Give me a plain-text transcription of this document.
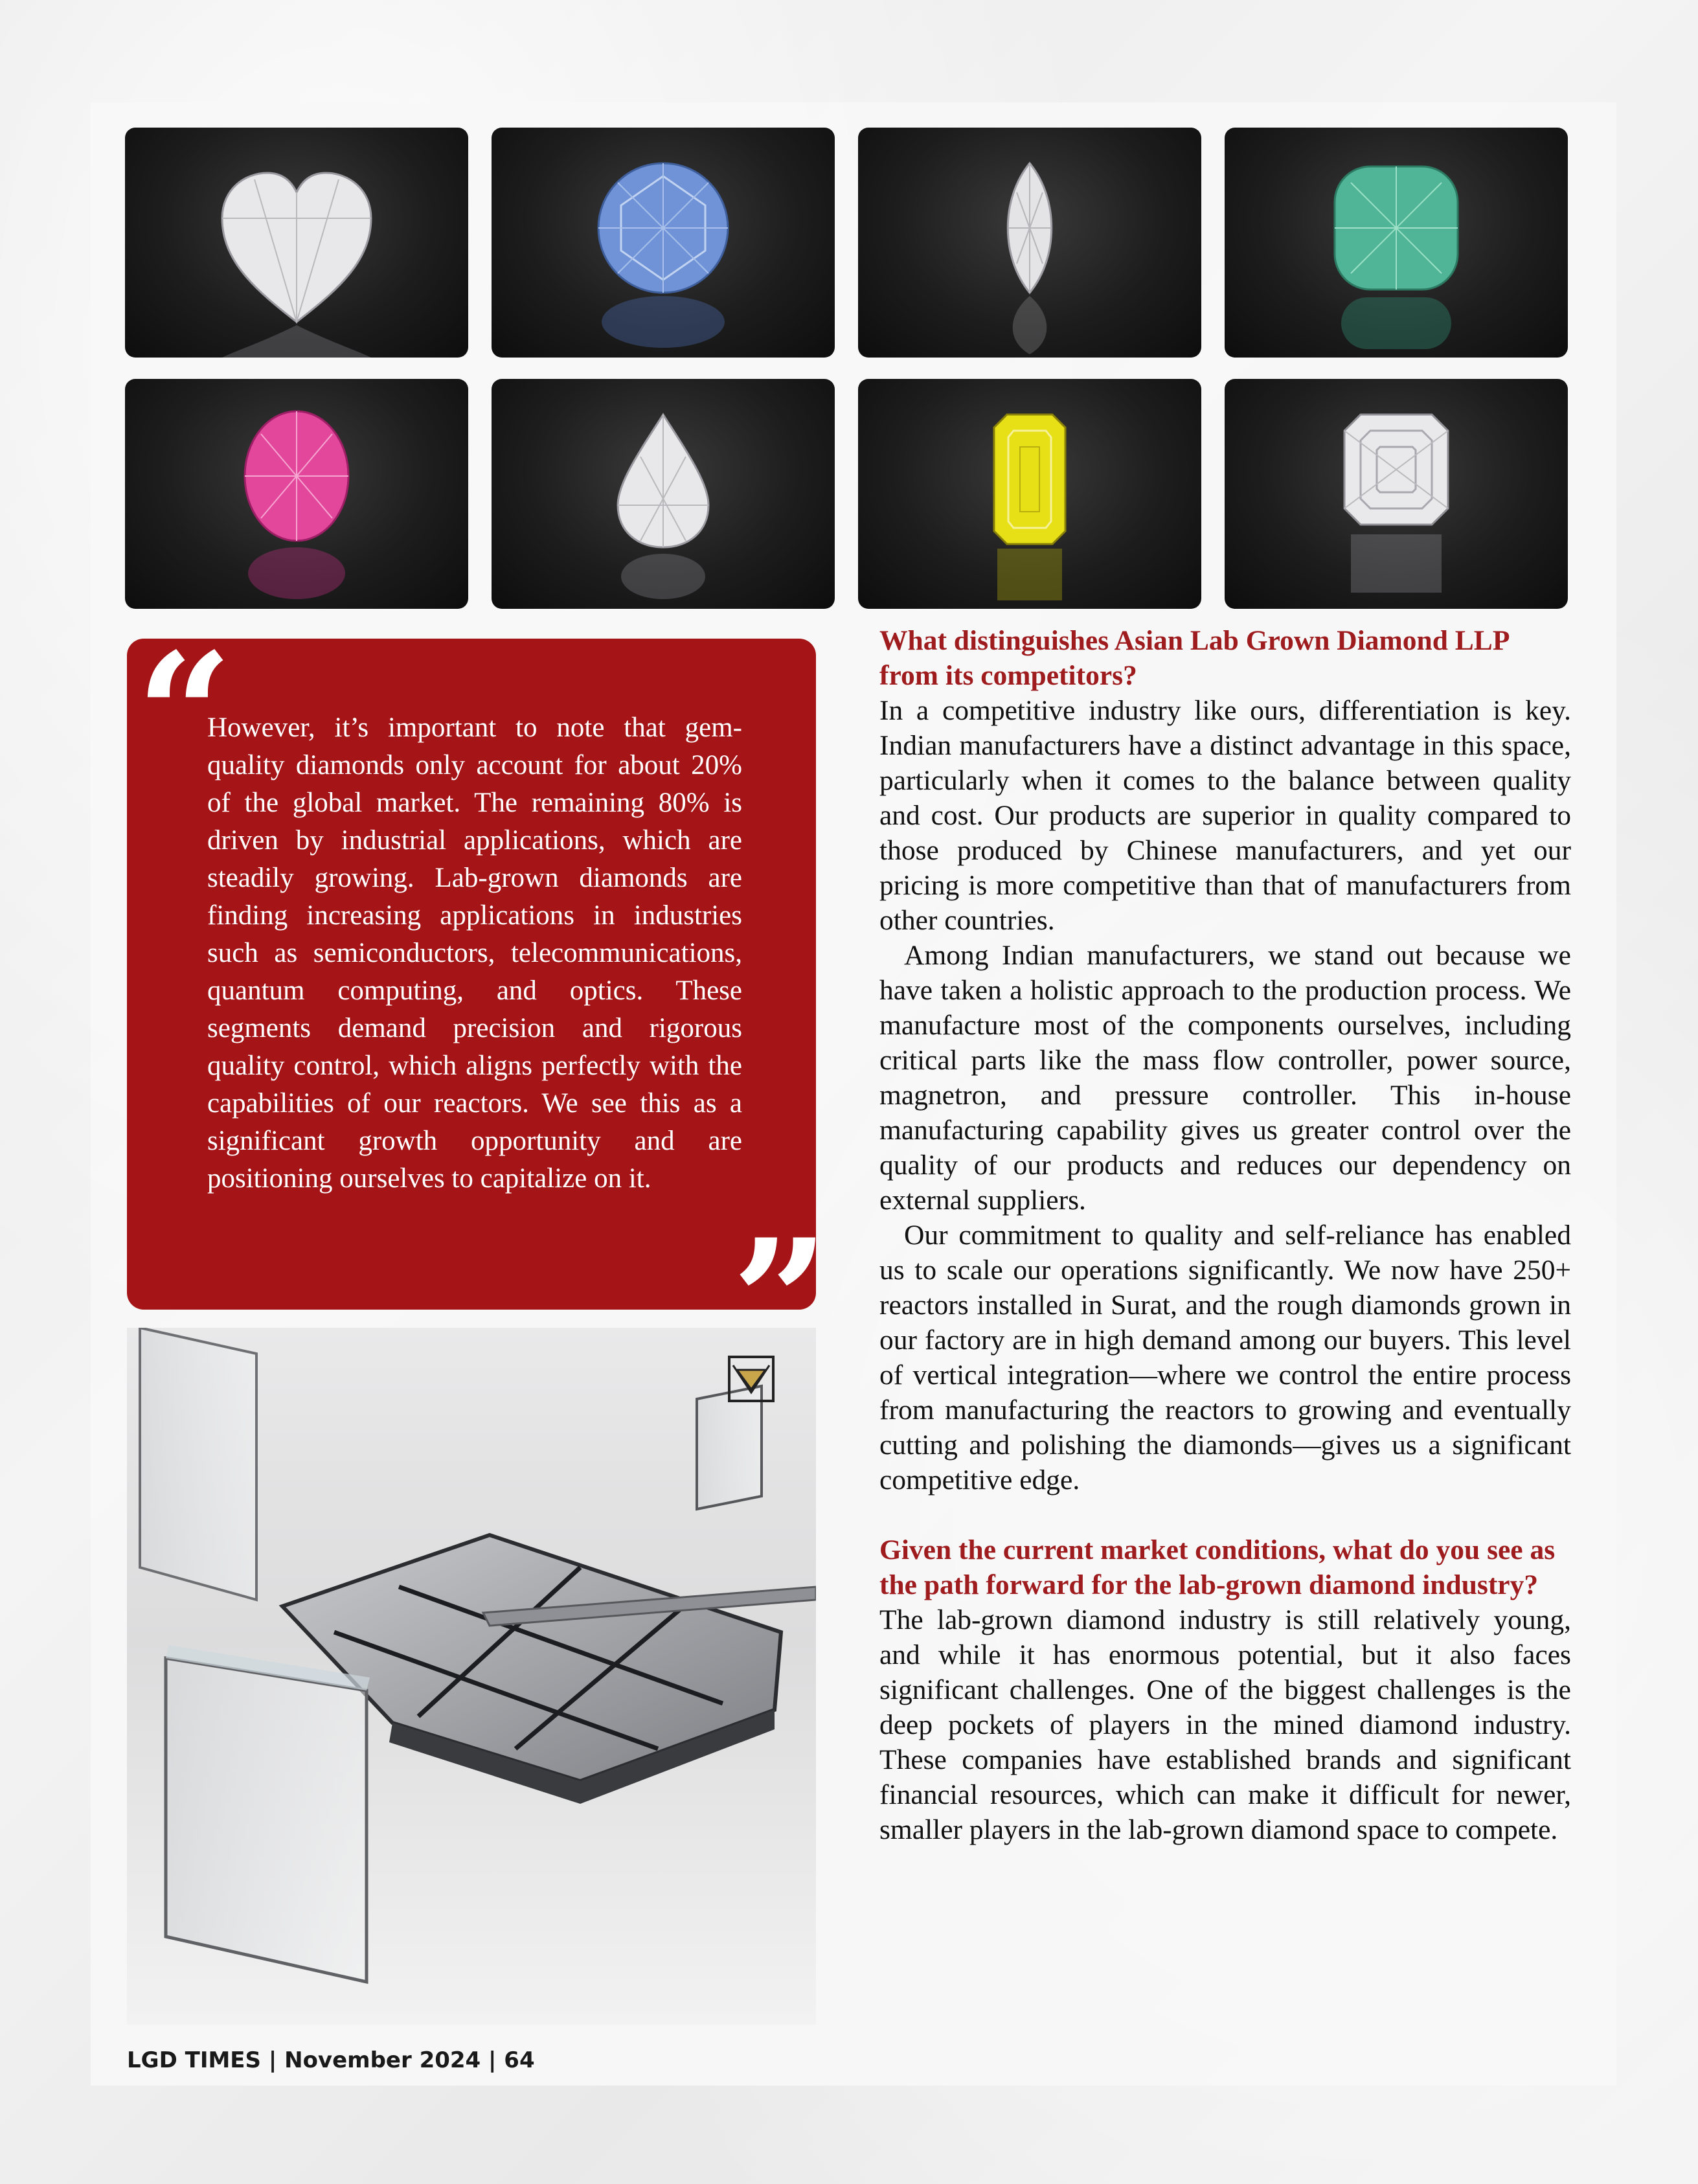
However, it’s important to note that gem-quality diamonds only account for about 20% of the global market. The remaining 80% is driven by industrial applications, which are steadily growing. Lab-grown diamonds are finding increasing applications in industries such as semiconductors, telecommunications, quantum computing, and optics. These segments demand precision and rigorous quality control, which aligns perfectly with the capabilities of our reactors. We see this as a significant growth opportunity and are positioning ourselves to capitalize on it.

What distinguishes Asian Lab Grown Diamond LLP from its competitors?

In a competitive industry like ours, differentiation is key. Indian manufacturers have a distinct advantage in this space, particularly when it comes to the balance between quality and cost. Our products are superior in quality compared to those produced by Chinese manufacturers, and yet our pricing is more competitive than that of manufacturers from other countries.

Among Indian manufacturers, we stand out because we have taken a holistic approach to the production process. We manufacture most of the components ourselves, including critical parts like the mass flow controller, power source, magnetron, and pressure controller. This in-house manufacturing capability gives us greater control over the quality of our products and reduces our dependency on external suppliers.

Our commitment to quality and self-reliance has enabled us to scale our operations significantly. We now have 250+ reactors installed in Surat, and the rough diamonds grown in our factory are in high demand among our buyers. This level of vertical integration—where we control the entire process from manufacturing the reactors to growing and eventually cutting and polishing the diamonds—gives us a significant competitive edge.

Given the current market conditions, what do you see as the path forward for the lab-grown diamond industry?

The lab-grown diamond industry is still relatively young, and while it has enormous potential, but it also faces significant challenges. One of the biggest challenges is the deep pockets of players in the mined diamond industry. These companies have established brands and significant financial resources, which can make it difficult for newer, smaller players in the lab-grown diamond space to compete.

LGD TIMES | November 2024 | 64
